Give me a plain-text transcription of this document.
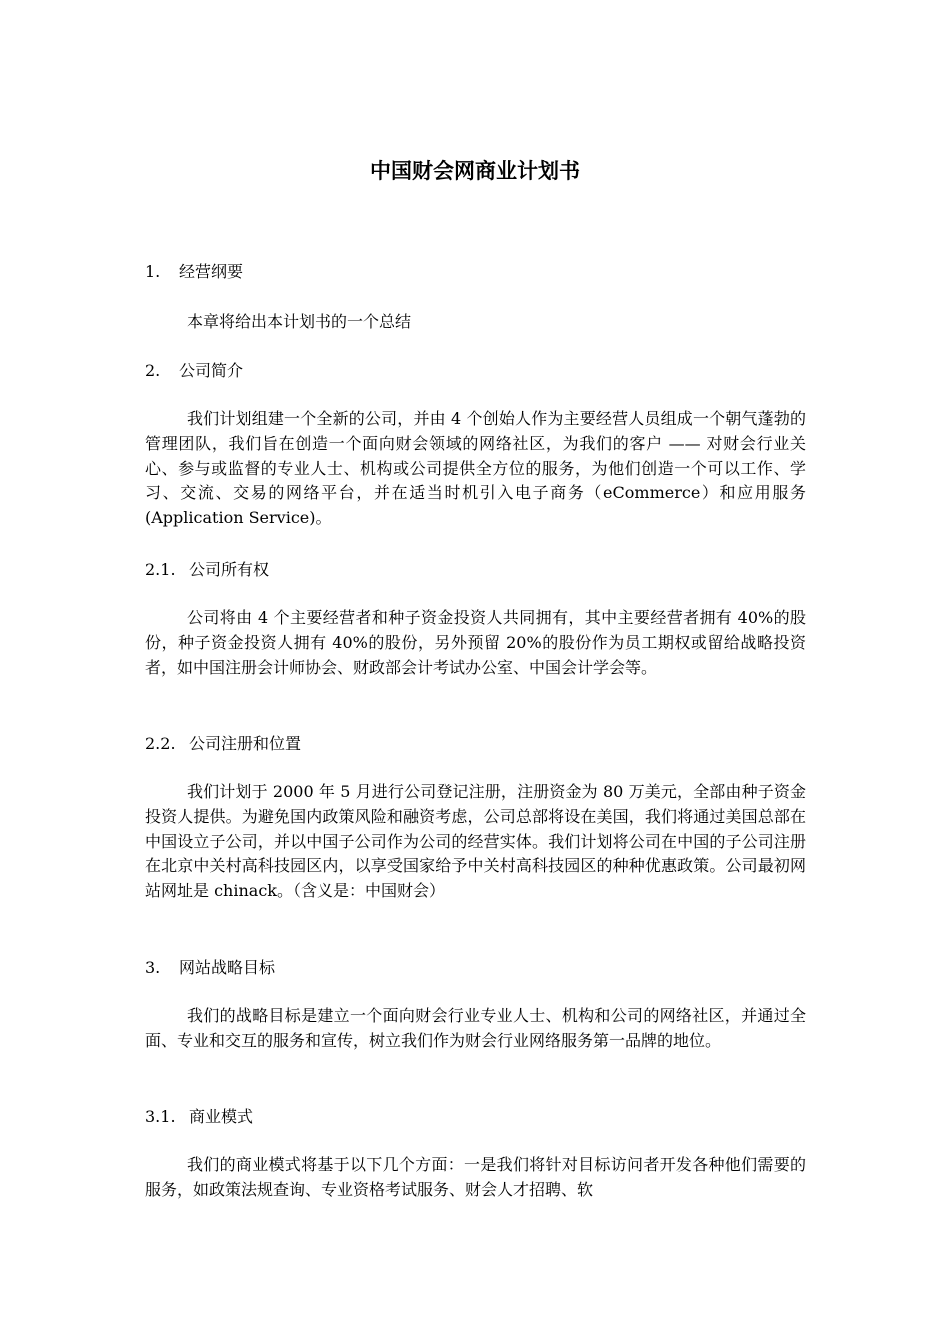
中国财会网商业计划书
1. 经营纲要
本章将给出本计划书的一个总结
2. 公司简介
我们计划组建一个全新的公司，并由 4 个创始人作为主要经营人员组成一个朝气蓬勃的管理团队，我们旨在创造一个面向财会领域的网络社区，为我们的客户 —— 对财会行业关心、参与或监督的专业人士、机构或公司提供全方位的服务，为他们创造一个可以工作、学习、交流、交易的网络平台，并在适当时机引入电子商务（eCommerce）和应用服务(Application Service)。
2.1. 公司所有权
公司将由 4 个主要经营者和种子资金投资人共同拥有，其中主要经营者拥有 40%的股份，种子资金投资人拥有 40%的股份，另外预留 20%的股份作为员工期权或留给战略投资者，如中国注册会计师协会、财政部会计考试办公室、中国会计学会等。
2.2. 公司注册和位置
我们计划于 2000 年 5 月进行公司登记注册，注册资金为 80 万美元，全部由种子资金投资人提供。为避免国内政策风险和融资考虑，公司总部将设在美国，我们将通过美国总部在中国设立子公司，并以中国子公司作为公司的经营实体。我们计划将公司在中国的子公司注册在北京中关村高科技园区内，以享受国家给予中关村高科技园区的种种优惠政策。公司最初网站网址是 chinack。（含义是：中国财会）
3. 网站战略目标
我们的战略目标是建立一个面向财会行业专业人士、机构和公司的网络社区，并通过全面、专业和交互的服务和宣传，树立我们作为财会行业网络服务第一品牌的地位。
3.1. 商业模式
我们的商业模式将基于以下几个方面：一是我们将针对目标访问者开发各种他们需要的服务，如政策法规查询、专业资格考试服务、财会人才招聘、软
